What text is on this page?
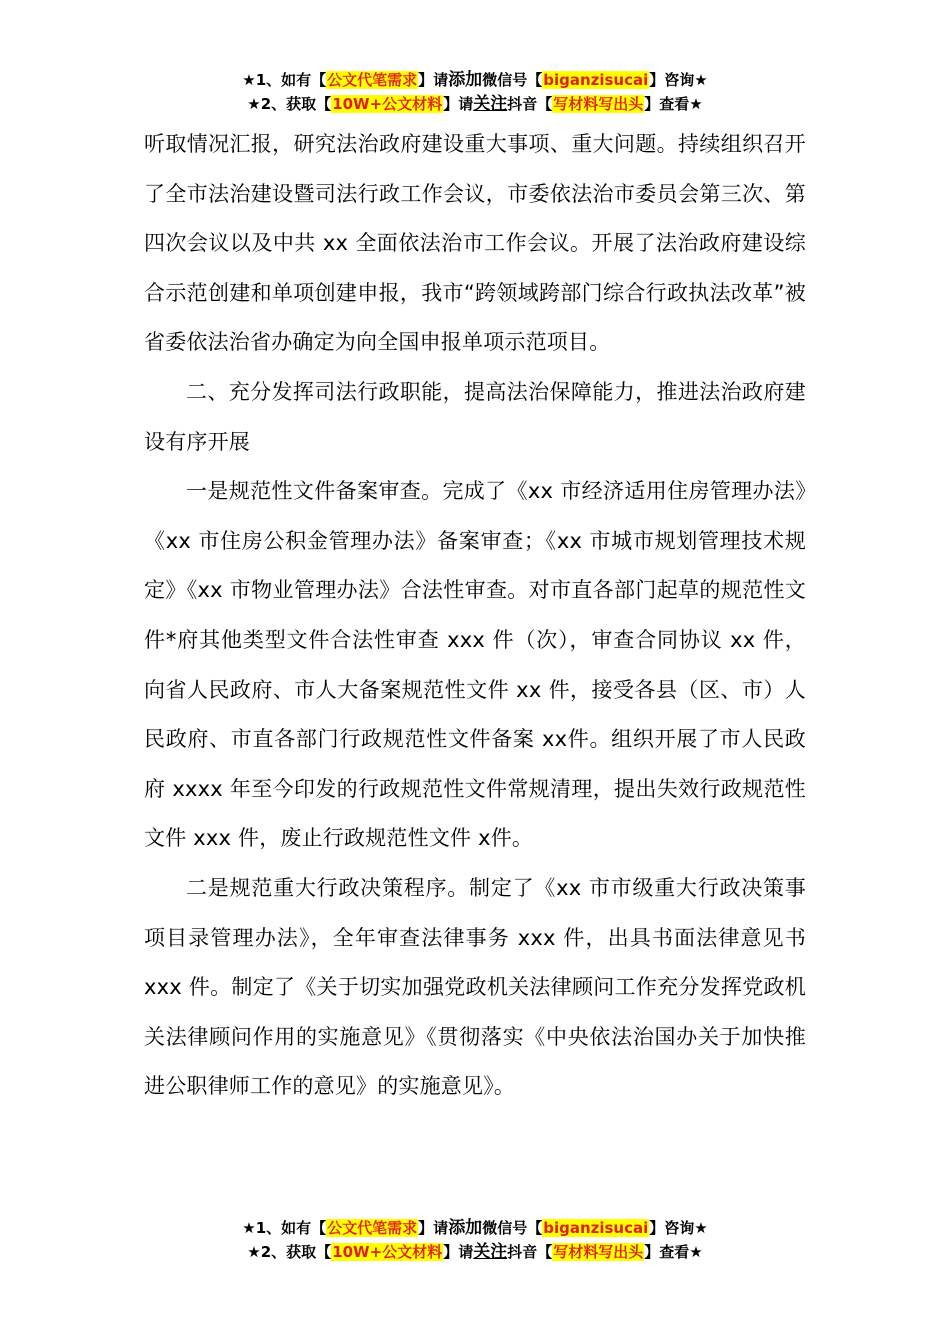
★1、如有【公文代笔需求】请添加微信号【biganzisucai】咨询★
★2、获取【10W+公文材料】请关注抖音【写材料写出头】查看★

听取情况汇报，研究法治政府建设重大事项、重大问题。持续组织召开了全市法治建设暨司法行政工作会议，市委依法治市委员会第三次、第四次会议以及中共 xx 全面依法治市工作会议。开展了法治政府建设综合示范创建和单项创建申报，我市“跨领域跨部门综合行政执法改革”被省委依法治省办确定为向全国申报单项示范项目。

二、充分发挥司法行政职能，提高法治保障能力，推进法治政府建设有序开展

一是规范性文件备案审查。完成了《xx 市经济适用住房管理办法》《xx 市住房公积金管理办法》备案审查；《xx 市城市规划管理技术规定》《xx 市物业管理办法》合法性审查。对市直各部门起草的规范性文件*府其他类型文件合法性审查 xxx 件（次），审查合同协议 xx 件，向省人民政府、市人大备案规范性文件 xx 件，接受各县（区、市）人民政府、市直各部门行政规范性文件备案 xx件。组织开展了市人民政府 xxxx 年至今印发的行政规范性文件常规清理，提出失效行政规范性文件 xxx 件，废止行政规范性文件 x件。

二是规范重大行政决策程序。制定了《xx 市市级重大行政决策事项目录管理办法》，全年审查法律事务 xxx 件，出具书面法律意见书 xxx 件。制定了《关于切实加强党政机关法律顾问工作充分发挥党政机关法律顾问作用的实施意见》《贯彻落实《中央依法治国办关于加快推进公职律师工作的意见》的实施意见》。

★1、如有【公文代笔需求】请添加微信号【biganzisucai】咨询★
★2、获取【10W+公文材料】请关注抖音【写材料写出头】查看★
